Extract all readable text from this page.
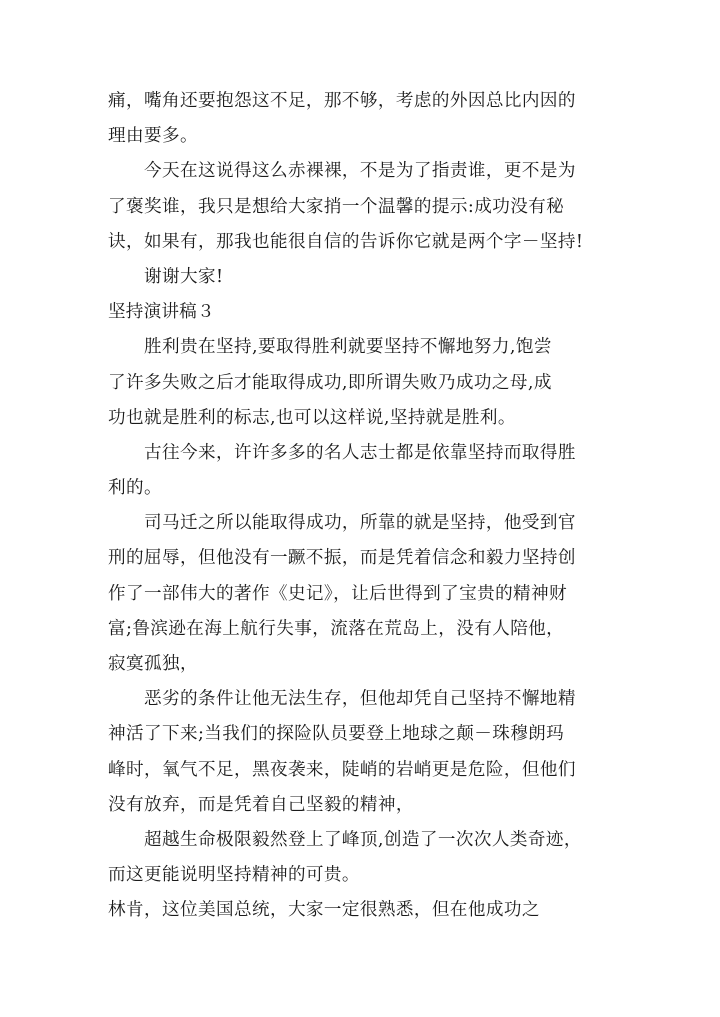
痛，嘴角还要抱怨这不足，那不够，考虑的外因总比内因的
理由要多。
今天在这说得这么赤裸裸，不是为了指责谁，更不是为
了褒奖谁，我只是想给大家捎一个温馨的提示:成功没有秘
诀，如果有，那我也能很自信的告诉你它就是两个字－坚持!
谢谢大家!
坚持演讲稿３
胜利贵在坚持,要取得胜利就要坚持不懈地努力,饱尝
了许多失败之后才能取得成功,即所谓失败乃成功之母,成
功也就是胜利的标志,也可以这样说,坚持就是胜利。
古往今来，许许多多的名人志士都是依靠坚持而取得胜
利的。
司马迁之所以能取得成功，所靠的就是坚持，他受到官
刑的屈辱，但他没有一蹶不振，而是凭着信念和毅力坚持创
作了一部伟大的著作《史记》，让后世得到了宝贵的精神财
富;鲁滨逊在海上航行失事，流落在荒岛上，没有人陪他，
寂寞孤独，
恶劣的条件让他无法生存，但他却凭自己坚持不懈地精
神活了下来;当我们的探险队员要登上地球之颠－珠穆朗玛
峰时，氧气不足，黑夜袭来，陡峭的岩峭更是危险，但他们
没有放弃，而是凭着自己坚毅的精神，
超越生命极限毅然登上了峰顶,创造了一次次人类奇迹，
而这更能说明坚持精神的可贵。
林肯，这位美国总统，大家一定很熟悉，但在他成功之
